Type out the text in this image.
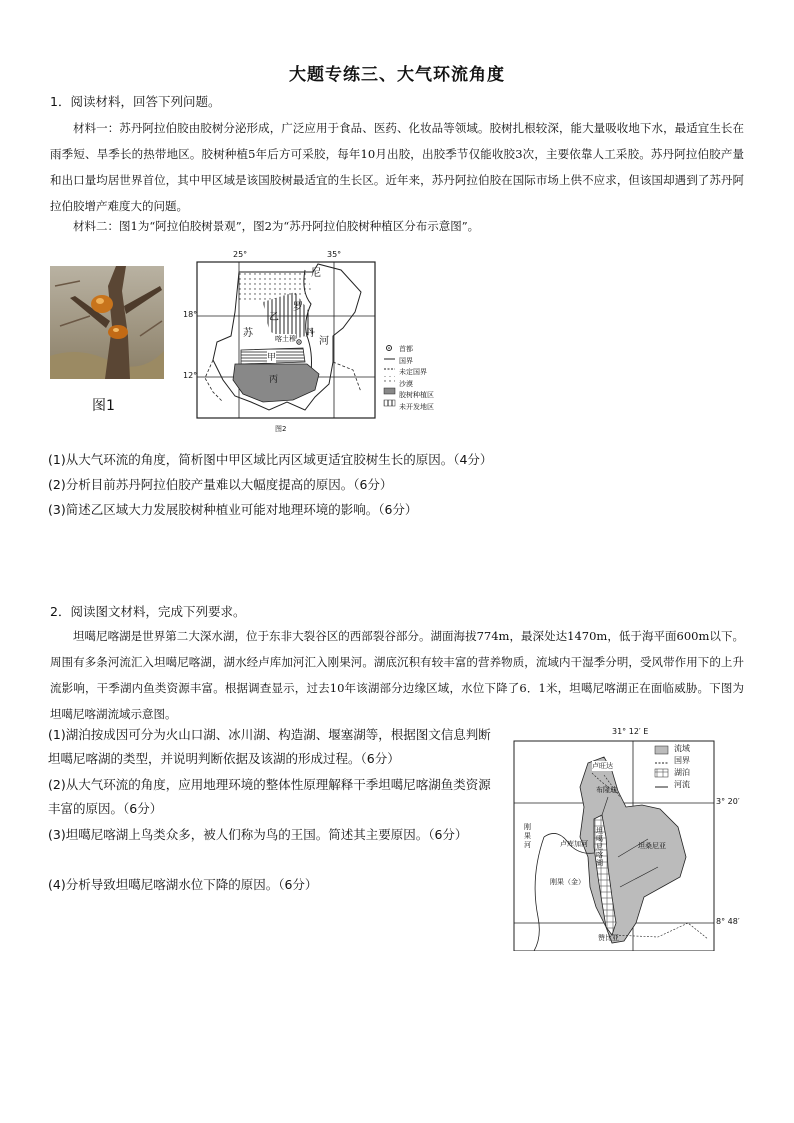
大题专练三、大气环流角度
1．阅读材料，回答下列问题。
材料一：苏丹阿拉伯胶由胶树分泌形成，广泛应用于食品、医药、化妆品等领域。胶树扎根较深，能大量吸收地下水，最适宜生长在雨季短、旱季长的热带地区。胶树种植5年后方可采胶，每年10月出胶，出胶季节仅能收胶3次，主要依靠人工采胶。苏丹阿拉伯胶产量和出口量均居世界首位，其中甲区域是该国胶树最适宜的生长区。近年来，苏丹阿拉伯胶在国际市场上供不应求，但该国却遇到了苏丹阿拉伯胶增产难度大的问题。
材料二：图1为“阿拉伯胶树景观”，图2为“苏丹阿拉伯胶树种植区分布示意图”。
图1
25°	35°
18°
12°
尼
罗
乙
苏	丹
河
喀土穆
甲
丙
首都
国界
未定国界
沙漠
胶树种植区
未开发地区
图2
(1)从大气环流的角度，简析图中甲区域比丙区域更适宜胶树生长的原因。（4分）
(2)分析目前苏丹阿拉伯胶产量难以大幅度提高的原因。（6分）
(3)简述乙区域大力发展胶树种植业可能对地理环境的影响。（6分）
2．阅读图文材料，完成下列要求。
坦噶尼喀湖是世界第二大深水湖，位于东非大裂谷区的西部裂谷部分。湖面海拔774m，最深处达1470m，低于海平面600m以下。周围有多条河流汇入坦噶尼喀湖，湖水经卢库加河汇入刚果河。湖底沉积有较丰富的营养物质，流域内干湿季分明，受风带作用下的上升流影响，干季湖内鱼类资源丰富。根据调查显示，过去10年该湖部分边缘区域，水位下降了6．1米，坦噶尼喀湖正在面临威胁。下图为坦噶尼喀湖流域示意图。
(1)湖泊按成因可分为火山口湖、冰川湖、构造湖、堰塞湖等，根据图文信息判断坦噶尼喀湖的类型，并说明判断依据及该湖的形成过程。（6分）
(2)从大气环流的角度，应用地理环境的整体性原理解释干季坦噶尼喀湖鱼类资源丰富的原因。（6分）
(3)坦噶尼喀湖上鸟类众多，被人们称为鸟的王国。简述其主要原因。（6分）
(4)分析导致坦噶尼喀湖水位下降的原因。（6分）
31° 12′ E
3° 20′
8° 48′
流域
国界
湖泊
河流
卢旺达
布隆迪
刚果河	卢库加河
坦噶尼喀湖
坦桑尼亚
刚果（金）
赞比亚
